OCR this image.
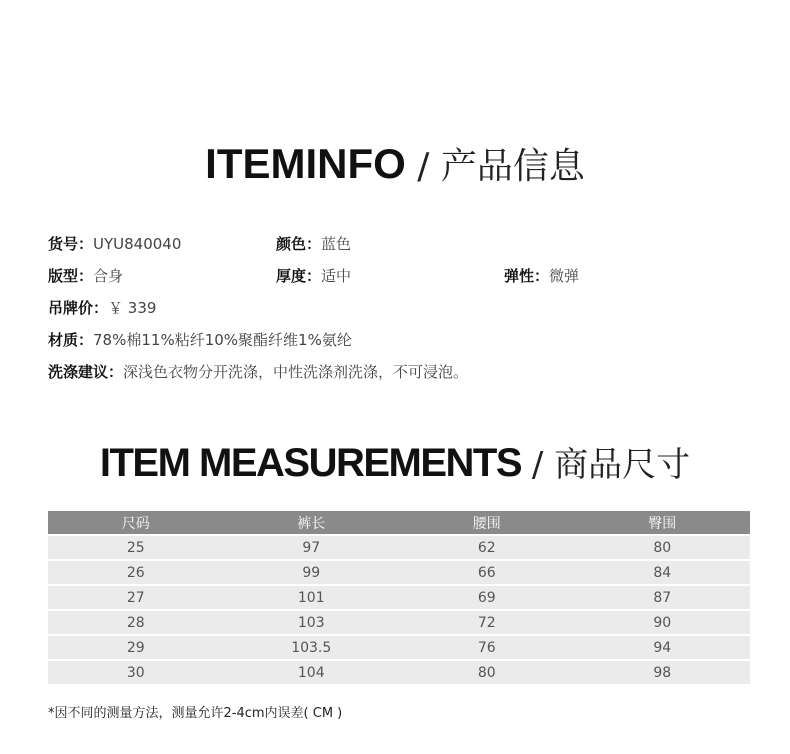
ITEMINFO / 产品信息
货号：UYU840040	颜色：蓝色
版型：合身	厚度：适中	弹性：微弹
吊牌价：￥ 339
材质：78%棉11%粘纤10%聚酯纤维1%氨纶
洗涤建议：深浅色衣物分开洗涤，中性洗涤剂洗涤，不可浸泡。
ITEM MEASUREMENTS / 商品尺寸
尺码	裤长	腰围	臀围
25	97	62	80
26	99	66	84
27	101	69	87
28	103	72	90
29	103.5	76	94
30	104	80	98
*因不同的测量方法，测量允许2-4cm内误差( CM )
